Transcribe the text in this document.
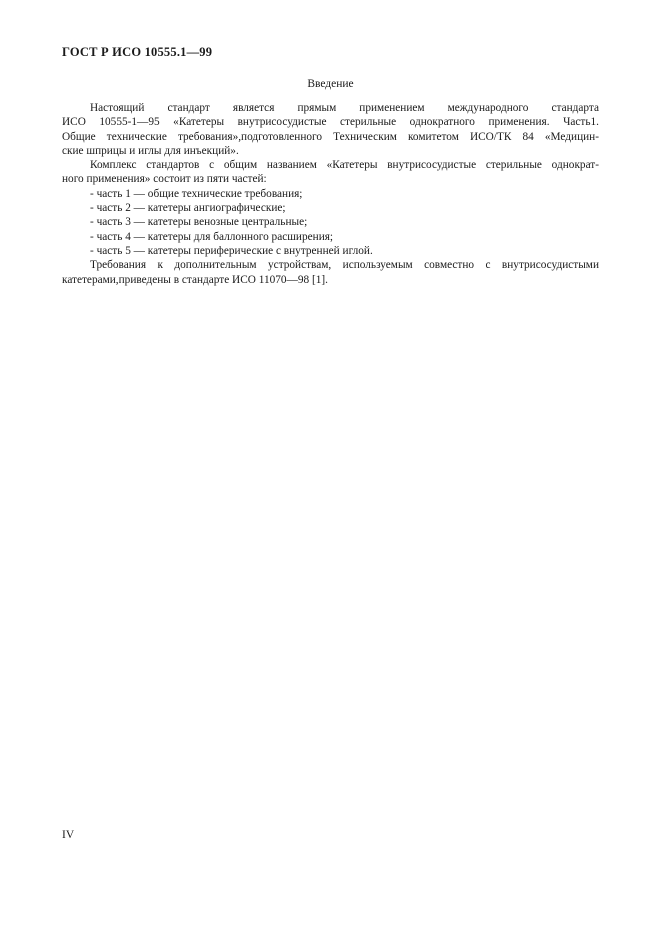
ГОСТ Р ИСО 10555.1—99
Введение

Настоящий стандарт является прямым применением международного стандарта
ИСО 10555-1—95 «Катетеры внутрисосудистые стерильные однократного применения. Часть1.
Общие технические требования»,подготовленного Техническим комитетом ИСО/ТК 84 «Медицин-
ские шприцы и иглы для инъекций».

Комплекс стандартов с общим названием «Катетеры внутрисосудистые стерильные однократ-
ного применения» состоит из пяти частей:

- часть 1 — общие технические требования;
- часть 2 — катетеры ангиографические;
- часть 3 — катетеры венозные центральные;
- часть 4 — катетеры для баллонного расширения;
- часть 5 — катетеры периферические с внутренней иглой.

Требования к дополнительным устройствам, используемым совместно с внутрисосудистыми
катетерами,приведены в стандарте ИСО 11070—98 [1].

IV
